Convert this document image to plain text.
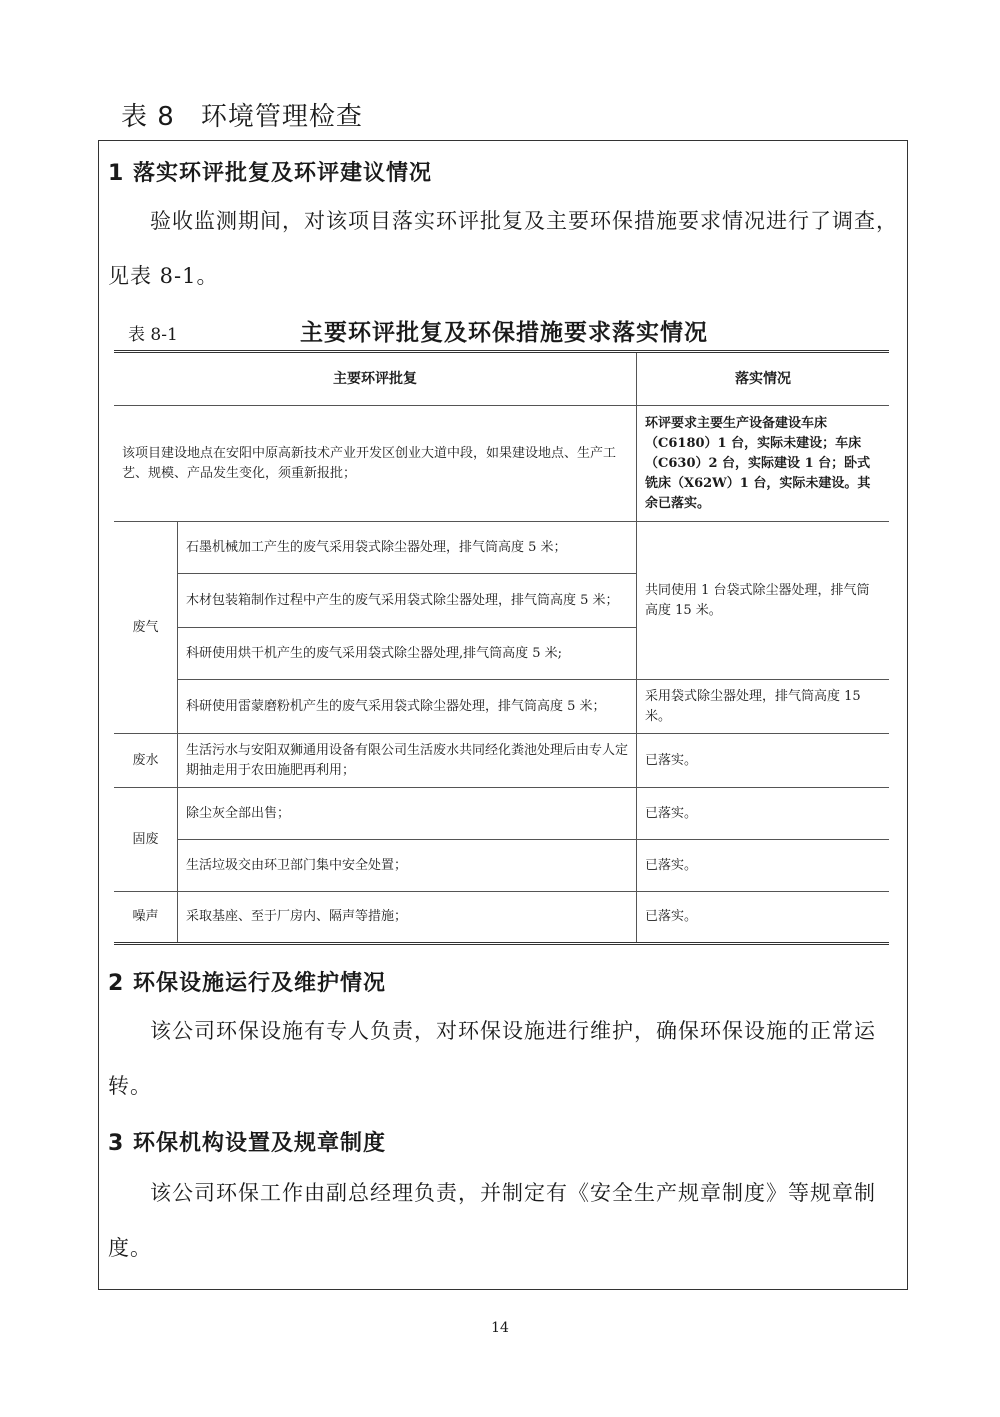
表 8 环境管理检查
1 落实环评批复及环评建议情况
验收监测期间，对该项目落实环评批复及主要环保措施要求情况进行了调查，见表 8-1。
表 8-1	主要环评批复及环保措施要求落实情况
主要环评批复		落实情况
该项目建设地点在安阳中原高新技术产业开发区创业大道中段，如果建设地点、生产工艺、规模、产品发生变化，须重新报批；		环评要求主要生产设备建设车床（C6180）1 台，实际未建设；车床（C630）2 台，实际建设 1 台；卧式铣床（X62W）1 台，实际未建设。其余已落实。
废气	石墨机械加工产生的废气采用袋式除尘器处理，排气筒高度 5 米；	共同使用 1 台袋式除尘器处理，排气筒高度 15 米。
	木材包装箱制作过程中产生的废气采用袋式除尘器处理，排气筒高度 5 米；	
	科研使用烘干机产生的废气采用袋式除尘器处理,排气筒高度 5 米;	
	科研使用雷蒙磨粉机产生的废气采用袋式除尘器处理，排气筒高度 5 米；	采用袋式除尘器处理，排气筒高度 15 米。
废水	生活污水与安阳双狮通用设备有限公司生活废水共同经化粪池处理后由专人定期抽走用于农田施肥再利用；	已落实。
固废	除尘灰全部出售；	已落实。
	生活垃圾交由环卫部门集中安全处置；	已落实。
噪声	采取基座、至于厂房内、隔声等措施；	已落实。
2 环保设施运行及维护情况
该公司环保设施有专人负责，对环保设施进行维护，确保环保设施的正常运转。
3 环保机构设置及规章制度
该公司环保工作由副总经理负责，并制定有《安全生产规章制度》等规章制度。
14
